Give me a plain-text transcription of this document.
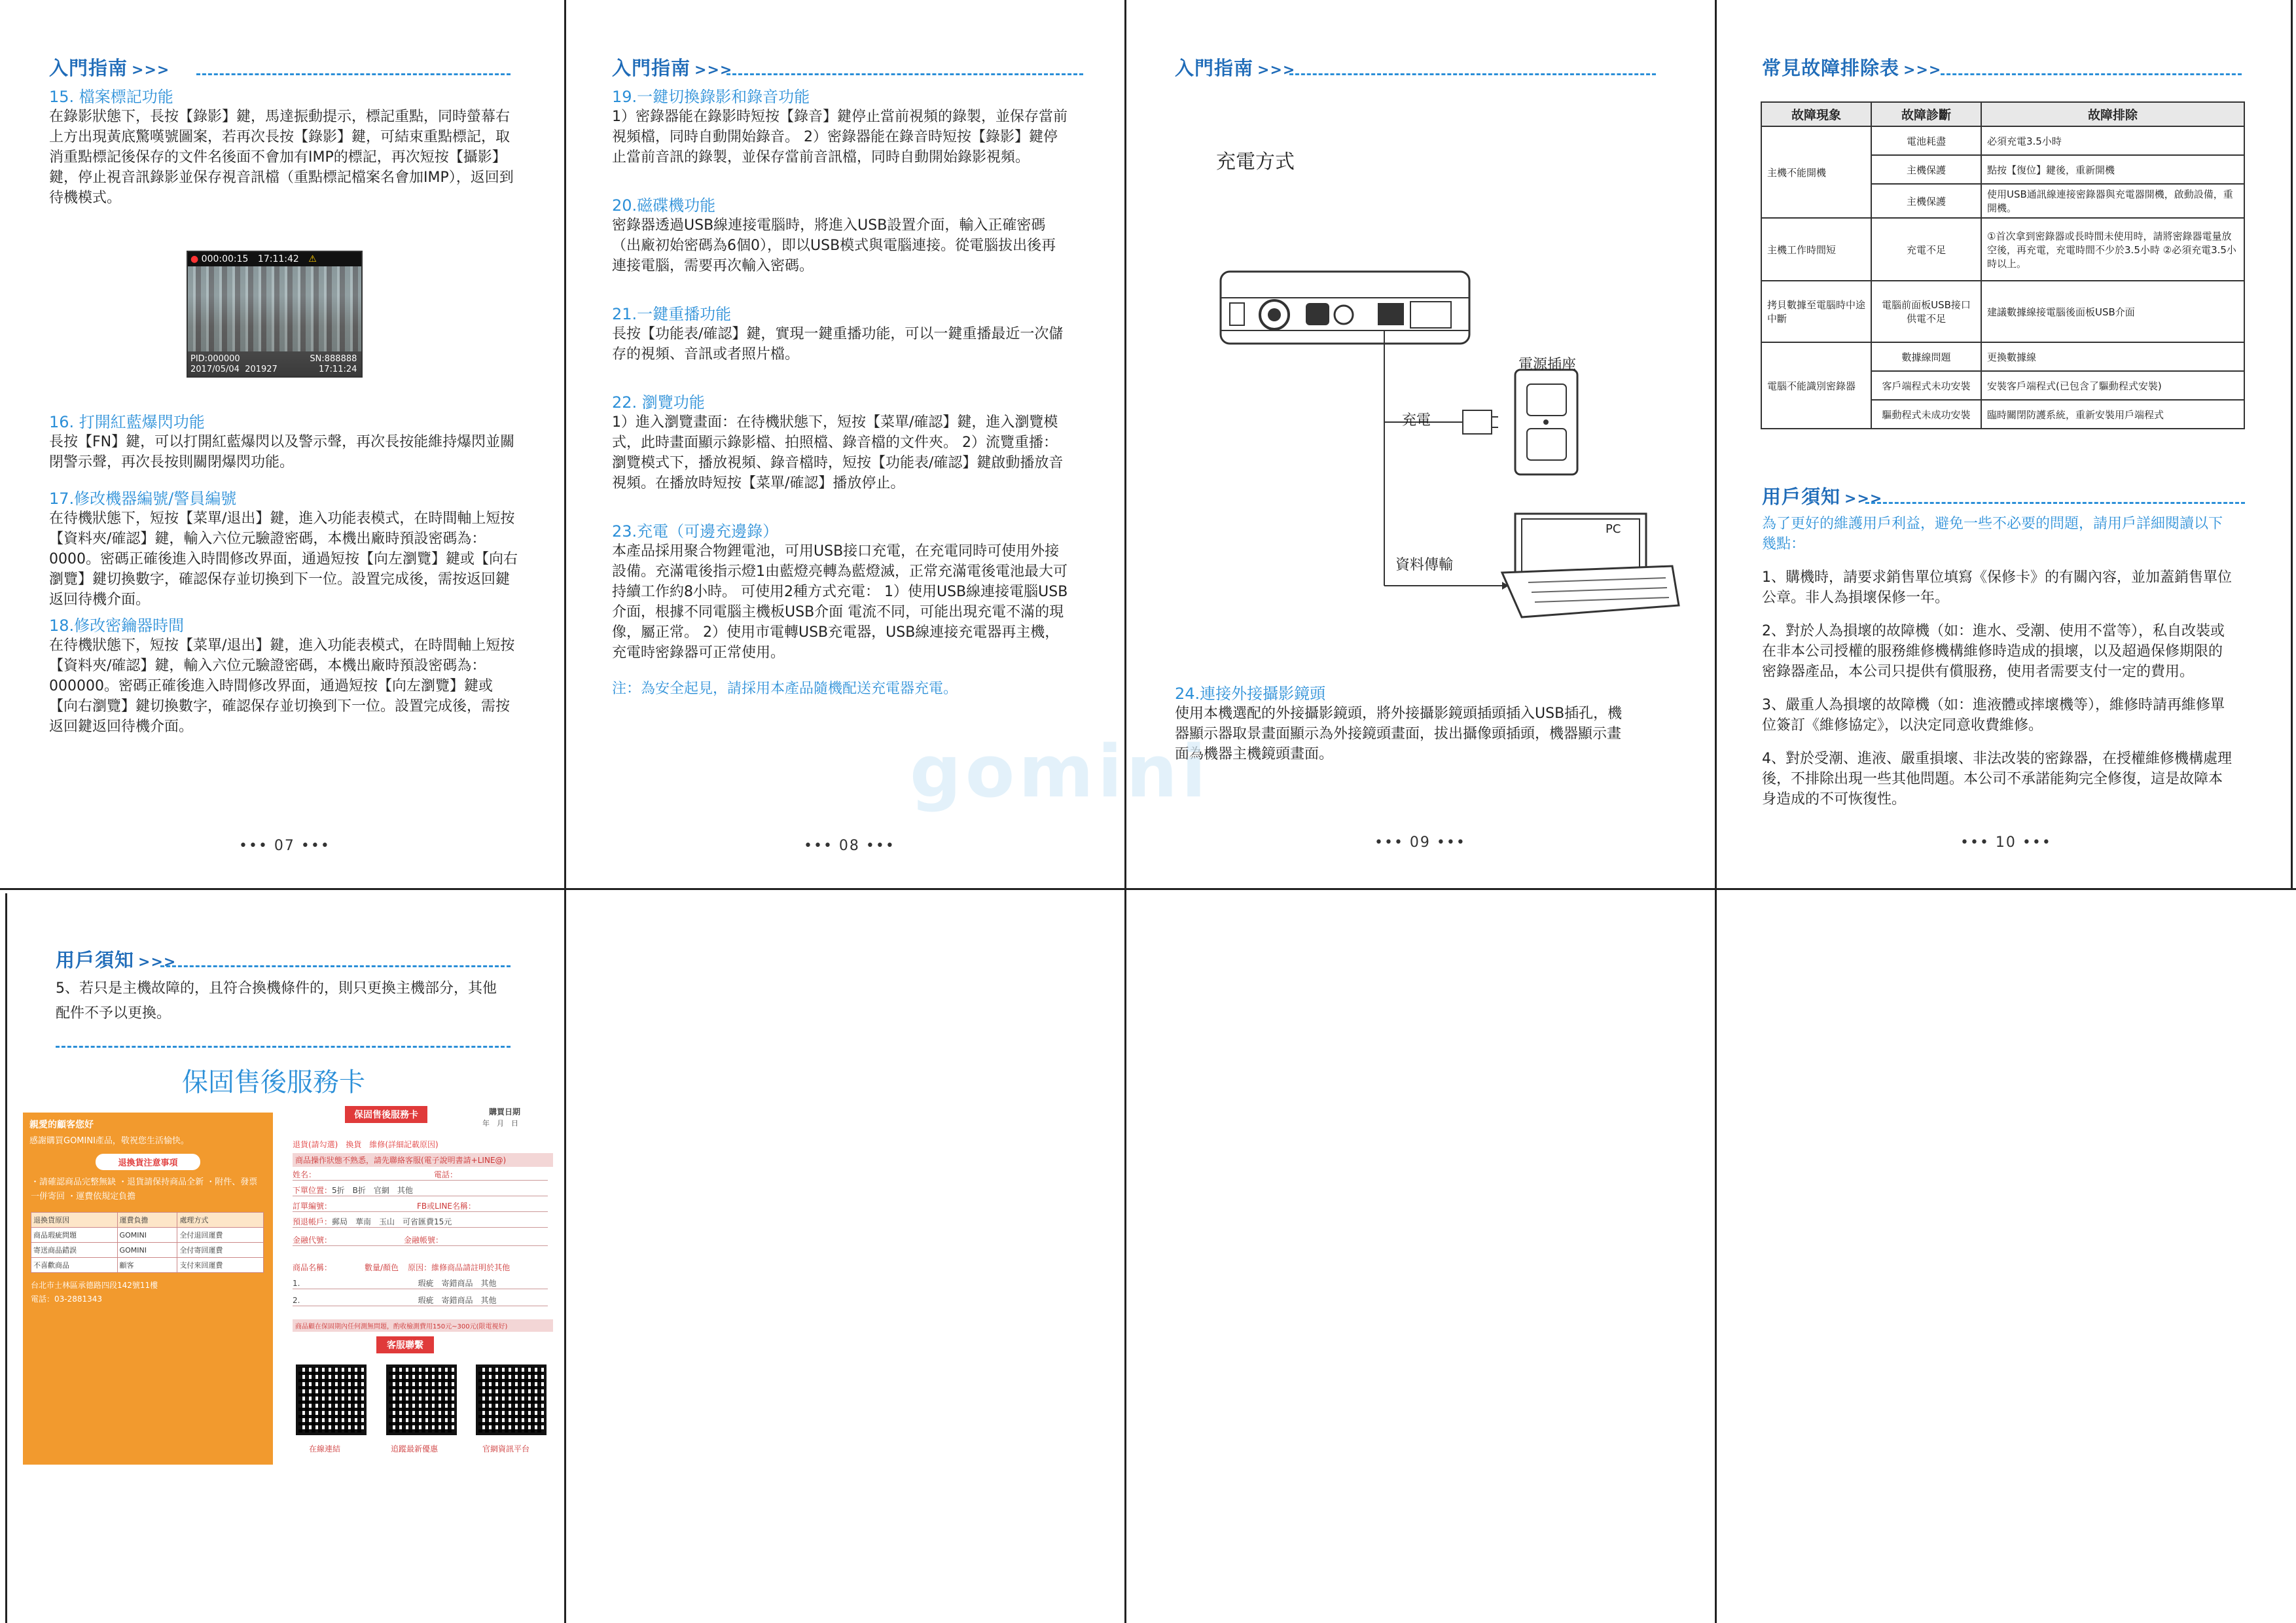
入門指南 >>>
15. 檔案標記功能
在錄影狀態下，長按【錄影】鍵，馬達振動提示，標記重點，同時螢幕右上方出現黃底驚嘆號圖案，若再次長按【錄影】鍵，可結束重點標記，取消重點標記後保存的文件名後面不會加有IMP的標記，再次短按【攝影】鍵，停止視音訊錄影並保存視音訊檔（重點標記檔案名會加IMP），返回到待機模式。
● 000:00:15 17:11:42 ⚠
PID:000000	SN:888888
2017/05/04 201927	17:11:24
16. 打開紅藍爆閃功能
長按【FN】鍵，可以打開紅藍爆閃以及警示聲，再次長按能維持爆閃並關閉警示聲，再次長按則關閉爆閃功能。
17.修改機器編號/警員編號
在待機狀態下，短按【菜單/退出】鍵，進入功能表模式，在時間軸上短按【資料夾/確認】鍵，輸入六位元驗證密碼，本機出廠時預設密碼為：0000。密碼正確後進入時間修改界面，通過短按【向左瀏覽】鍵或【向右瀏覽】鍵切換數字，確認保存並切換到下一位。設置完成後，需按返回鍵返回待機介面。
18.修改密鑰器時間
在待機狀態下，短按【菜單/退出】鍵，進入功能表模式，在時間軸上短按【資料夾/確認】鍵，輸入六位元驗證密碼，本機出廠時預設密碼為：000000。密碼正確後進入時間修改界面，通過短按【向左瀏覽】鍵或【向右瀏覽】鍵切換數字，確認保存並切換到下一位。設置完成後，需按返回鍵返回待機介面。
••• 07 •••
入門指南 >>>
19.一鍵切換錄影和錄音功能
1）密錄器能在錄影時短按【錄音】鍵停止當前視頻的錄製，並保存當前視頻檔，同時自動開始錄音。 2）密錄器能在錄音時短按【錄影】鍵停止當前音訊的錄製，並保存當前音訊檔，同時自動開始錄影視頻。
20.磁碟機功能
密錄器透過USB線連接電腦時，將進入USB設置介面，輸入正確密碼（出廠初始密碼為6個0），即以USB模式與電腦連接。從電腦拔出後再連接電腦，需要再次輸入密碼。
21.一鍵重播功能
長按【功能表/確認】鍵，實現一鍵重播功能，可以一鍵重播最近一次儲存的視頻、音訊或者照片檔。
22. 瀏覽功能
1）進入瀏覽畫面：在待機狀態下，短按【菜單/確認】鍵，進入瀏覽模式，此時畫面顯示錄影檔、拍照檔、錄音檔的文件夾。 2）流覽重播：瀏覽模式下，播放視頻、錄音檔時，短按【功能表/確認】鍵啟動播放音視頻。在播放時短按【菜單/確認】播放停止。
23.充電（可邊充邊錄）
本產品採用聚合物鋰電池，可用USB接口充電，在充電同時可使用外接設備。充滿電後指示燈1由藍燈亮轉為藍燈滅，正常充滿電後電池最大可持續工作約8小時。 可使用2種方式充電： 1）使用USB線連接電腦USB介面，根據不同電腦主機板USB介面 電流不同，可能出現充電不滿的現像，屬正常。 2）使用市電轉USB充電器，USB線連接充電器再主機，充電時密錄器可正常使用。
注：為安全起見，請採用本產品隨機配送充電器充電。
••• 08 •••
入門指南 >>>
充電方式
電源插座
充電
資料傳輸
PC
24.連接外接攝影鏡頭
使用本機選配的外接攝影鏡頭，將外接攝影鏡頭插頭插入USB插孔，機器顯示器取景畫面顯示為外接鏡頭畫面，拔出攝像頭插頭，機器顯示畫面為機器主機鏡頭畫面。
gomini
••• 09 •••
常見故障排除表 >>>
故障現象	故障診斷	故障排除
主機不能開機	電池耗盡	必須充電3.5小時
	主機保護	點按【復位】鍵後，重新開機
	主機保護	使用USB通訊線連接密錄器與充電器開機，啟動設備，重開機。
主機工作時間短	充電不足	①首次拿到密錄器或長時間未使用時，請將密錄器電量放空後，再充電，充電時間不少於3.5小時 ②必須充電3.5小時以上。
拷貝數據至電腦時中途中斷	電腦前面板USB接口供電不足	建議數據線接電腦後面板USB介面
電腦不能識別密錄器	數據線問題	更換數據線
	客戶端程式未功安裝	安裝客戶端程式(已包含了驅動程式安裝)
	驅動程式未成功安裝	臨時關閉防護系統，重新安裝用戶端程式
用戶須知 >>>
為了更好的維護用戶利益，避免一些不必要的問題，請用戶詳細閱讀以下幾點：
1、購機時，請要求銷售單位填寫《保修卡》的有關內容，並加蓋銷售單位公章。非人為損壞保修一年。
2、對於人為損壞的故障機（如：進水、受潮、使用不當等），私自改裝或在非本公司授權的服務維修機構維修時造成的損壞，以及超過保修期限的密錄器產品，本公司只提供有償服務，使用者需要支付一定的費用。
3、嚴重人為損壞的故障機（如：進液體或摔壞機等），維修時請再維修單位簽訂《維修協定》，以決定同意收費維修。
4、對於受潮、進液、嚴重損壞、非法改裝的密錄器，在授權維修機構處理後，不排除出現一些其他問題。本公司不承諾能夠完全修復，這是故障本身造成的不可恢復性。
••• 10 •••
用戶須知 >>>
5、若只是主機故障的，且符合換機條件的，則只更換主機部分，其他配件不予以更換。
保固售後服務卡
親愛的顧客您好
感謝購買GOMINI產品，敬祝您生活愉快。
退換貨注意事項
・請確認商品完整無缺 ・退貨請保持商品全新 ・附件、發票一併寄回 ・運費依規定負擔
退換貨原因	運費負擔	處理方式
商品瑕疵問題	GOMINI	全付退回運費
寄送商品錯誤	GOMINI	全付寄回運費
不喜歡商品	顧客	支付來回運費
台北市士林區承德路四段142號11樓
電話：03-2881343
保固售後服務卡	購買日期
年　月　日
退貨(請勾選)　換貨　維修(詳細記載原因)
商品操作狀態不熟悉，請先聯絡客服(電子說明書請+LINE@)
姓名：	電話：
下單位置：5折　B折　官網　其他
訂單編號：	FB或LINE名稱：
預退帳戶：郵局　華南　玉山　可省匯費15元
金融代號：	金融帳號：
商品名稱：	數量/顏色 原因：維修商品請註明於其他
1.	瑕疵　寄錯商品　其他
2.	瑕疵　寄錯商品　其他
商品顧在保固期內任何測無問題，酌收檢測費用150元~300元(限電視好)
客服聯繫
在線連結	追蹤最新優惠	官網資訊平台
